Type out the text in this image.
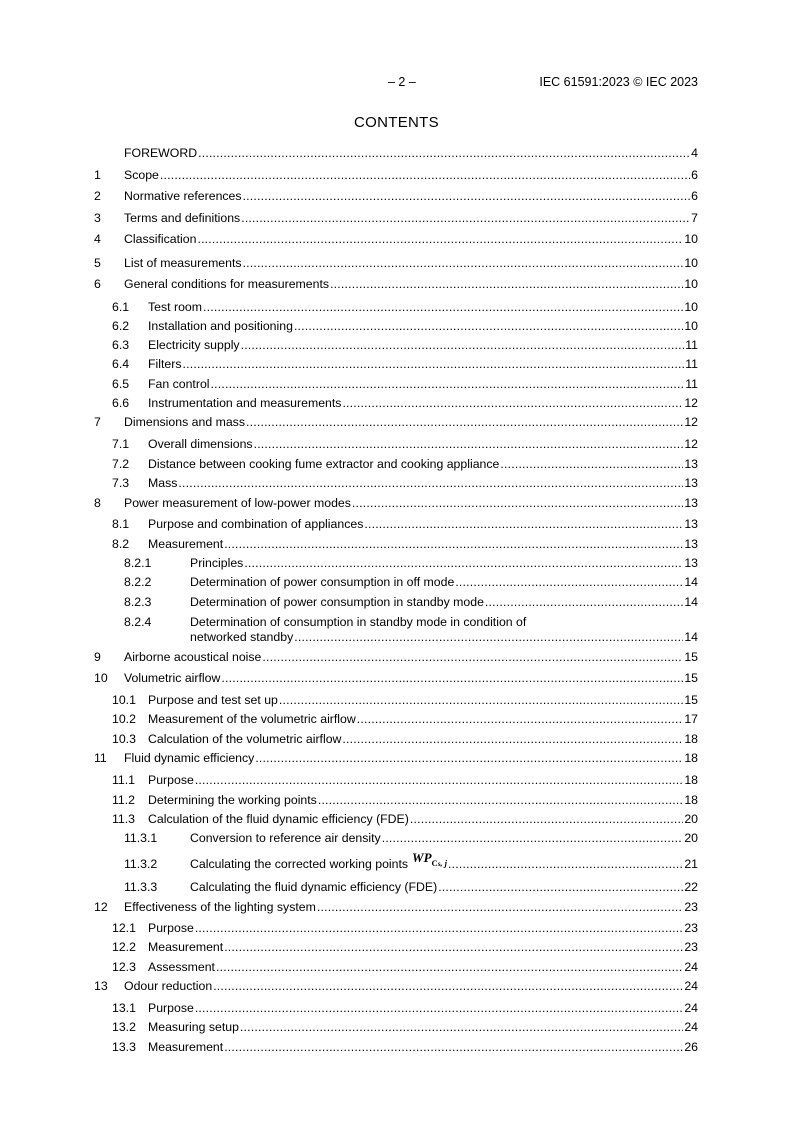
– 2 –	IEC 61591:2023 © IEC 2023
CONTENTS
FOREWORD .....	4
1	Scope .....	6
2	Normative references .....	6
3	Terms and definitions .....	7
4	Classification .....	10
5	List of measurements .....	10
6	General conditions for measurements .....	10
6.1	Test room .....	10
6.2	Installation and positioning .....	10
6.3	Electricity supply .....	11
6.4	Filters .....	11
6.5	Fan control .....	11
6.6	Instrumentation and measurements .....	12
7	Dimensions and mass .....	12
7.1	Overall dimensions .....	12
7.2	Distance between cooking fume extractor and cooking appliance .....	13
7.3	Mass .....	13
8	Power measurement of low-power modes .....	13
8.1	Purpose and combination of appliances .....	13
8.2	Measurement .....	13
8.2.1	Principles .....	13
8.2.2	Determination of power consumption in off mode .....	14
8.2.3	Determination of power consumption in standby mode .....	14
8.2.4	Determination of consumption in standby mode in condition of
networked standby .....	14
9	Airborne acoustical noise .....	15
10	Volumetric airflow .....	15
10.1 Purpose and test set up .....	15
10.2 Measurement of the volumetric airflow .....	17
10.3 Calculation of the volumetric airflow .....	18
11	Fluid dynamic efficiency .....	18
11.1	Purpose .....	18
11.2	Determining the working points .....	18
11.3	Calculation of the fluid dynamic efficiency (FDE) .....	20
11.3.1	Conversion to reference air density .....	20
11.3.2	Calculating the corrected working points $WP_{Cs, j}$ .....	21
11.3.3	Calculating the fluid dynamic efficiency (FDE) .....	22
12	Effectiveness of the lighting system .....	23
12.1 Purpose .....	23
12.2 Measurement .....	23
12.3 Assessment .....	24
13	Odour reduction .....	24
13.1 Purpose .....	24
13.2 Measuring setup .....	24
13.3 Measurement .....	26
